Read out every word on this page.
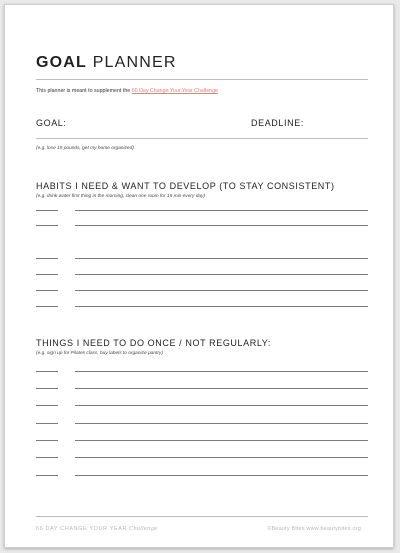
GOAL PLANNER
This planner is meant to supplement the 66 Day Change Your Year Challenge
GOAL:	DEADLINE:
(e.g. lose 15 pounds, get my home organized)
HABITS I NEED & WANT TO DEVELOP (TO STAY CONSISTENT)
(e.g. drink water first thing in the morning, clean one room for 15 min every day)
THINGS I NEED TO DO ONCE / NOT REGULARLY:
(e.g. sign up for Pilates class, buy labels to organize pantry)
66 DAY CHANGE YOUR YEAR Challenge	©Beauty Bites www.beautybites.org
